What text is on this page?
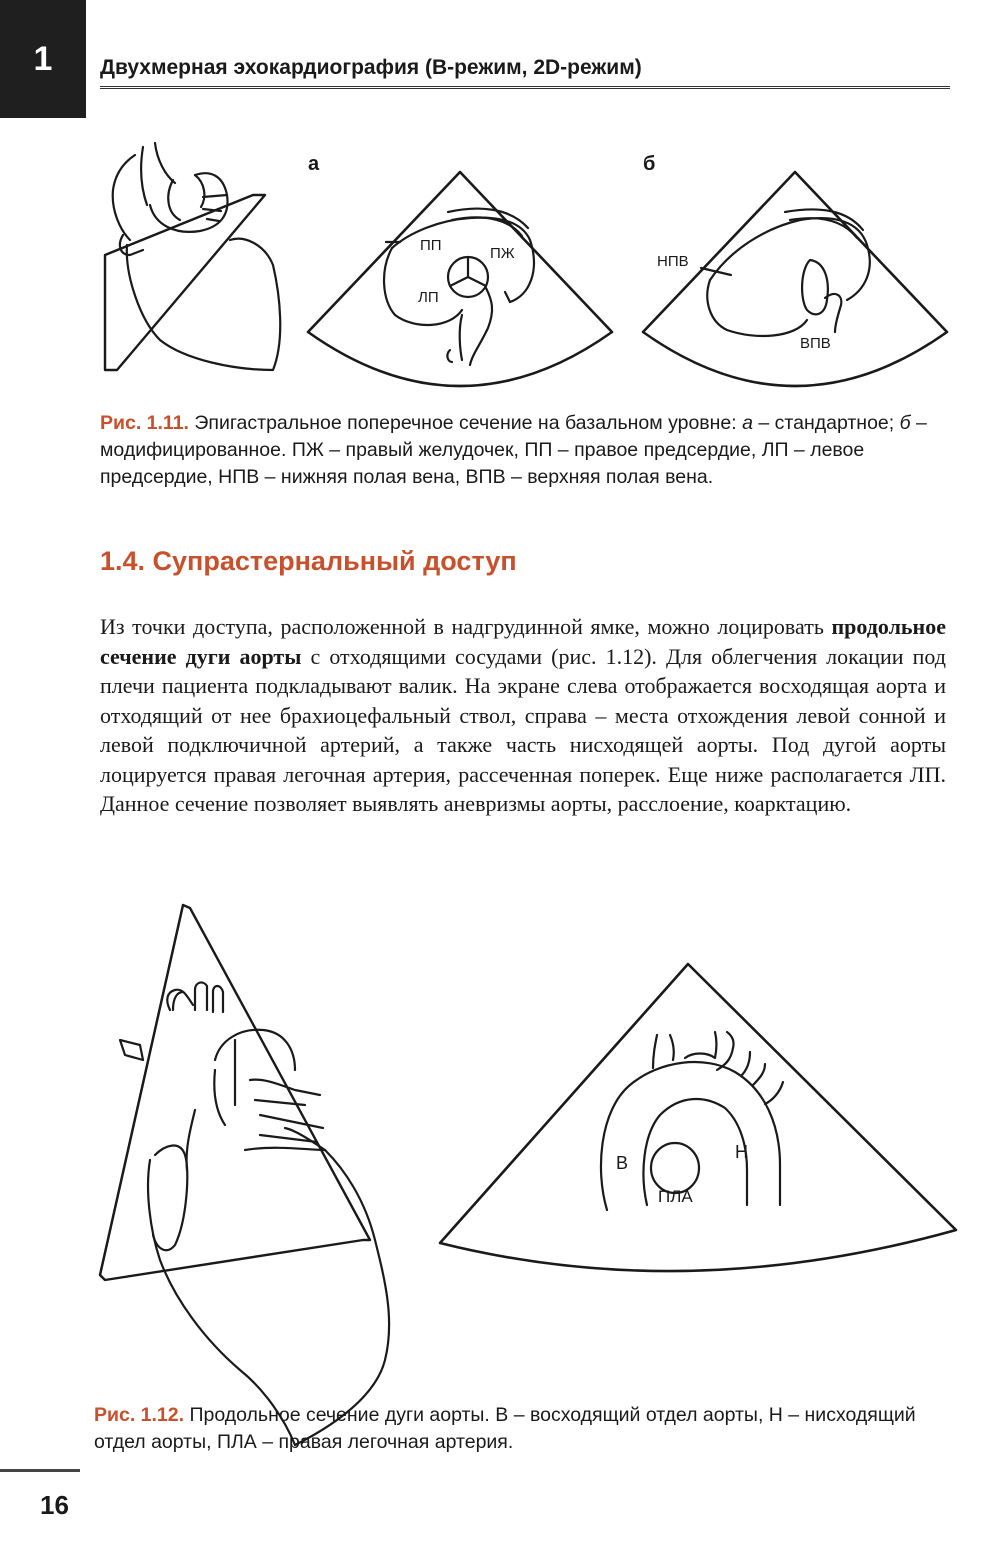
1	Двухмерная эхокардиография (В-режим, 2D-режим)
а
ПП	ПЖ
ЛП
б
НПВ
ВПВ
Рис. 1.11. Эпигастральное поперечное сечение на базальном уровне: а – стандартное; б – модифицированное. ПЖ – правый желудочек, ПП – правое предсердие, ЛП – левое предсердие, НПВ – нижняя полая вена, ВПВ – верхняя полая вена.
1.4. Супрастернальный доступ
Из точки доступа, расположенной в надгрудинной ямке, можно лоцировать продольное сечение дуги аорты с отходящими сосудами (рис. 1.12). Для облегчения локации под плечи пациента подкладывают валик. На экране слева отображается восходящая аорта и отходящий от нее брахиоцефальный ствол, справа – места отхождения левой сонной и левой подключичной артерий, а также часть нисходящей аорты. Под дугой аорты лоцируется правая легочная артерия, рассеченная поперек. Еще ниже располагается ЛП. Данное сечение позволяет выявлять аневризмы аорты, расслоение, коарктацию.
В
Н
ПЛА
Рис. 1.12. Продольное сечение дуги аорты. В – восходящий отдел аорты, Н – нисходящий отдел аорты, ПЛА – правая легочная артерия.
16
